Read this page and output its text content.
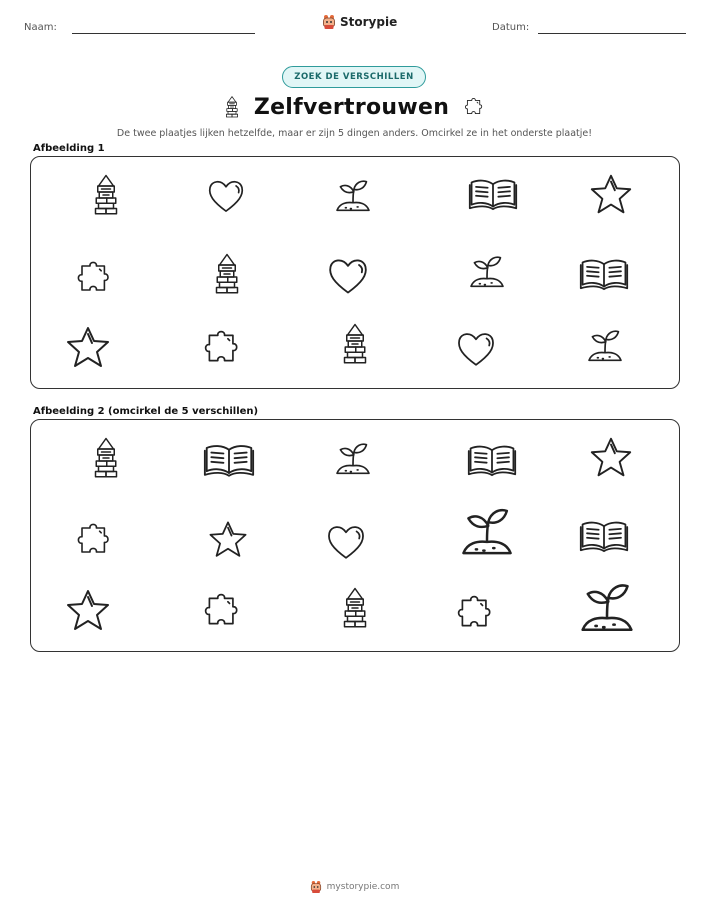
Naam:	Storypie	Datum:
ZOEK DE VERSCHILLEN
Zelfvertrouwen
De twee plaatjes lijken hetzelfde, maar er zijn 5 dingen anders. Omcirkel ze in het onderste plaatje!
Afbeelding 1
Afbeelding 2 (omcirkel de 5 verschillen)
mystorypie.com
